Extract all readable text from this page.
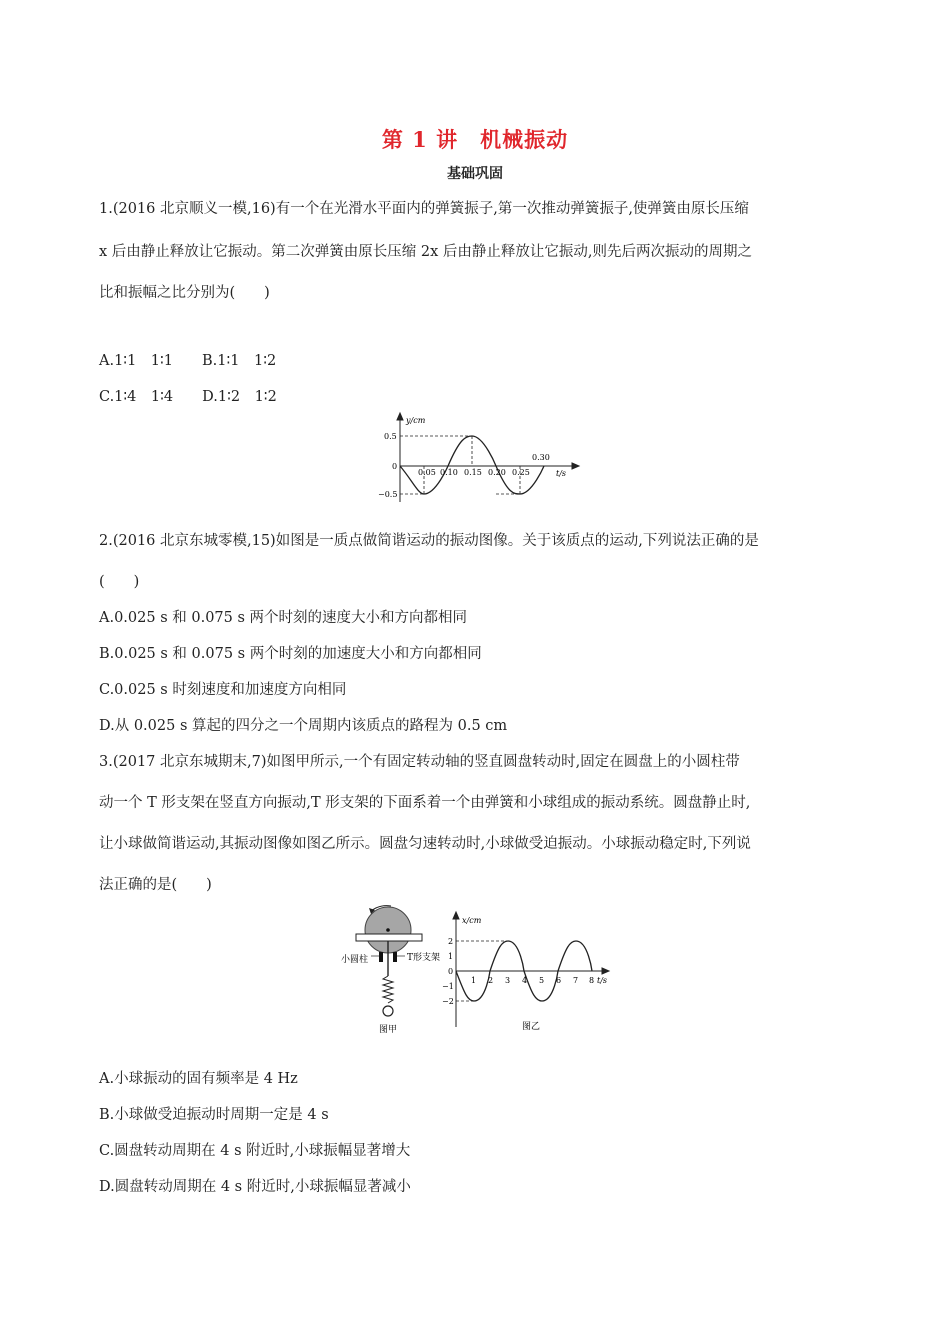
第 1 讲　机械振动
基础巩固
1.(2016 北京顺义一模,16)有一个在光滑水平面内的弹簧振子,第一次推动弹簧振子,使弹簧由原长压缩
x 后由静止释放让它振动。第二次弹簧由原长压缩 2x 后由静止释放让它振动,则先后两次振动的周期之
比和振幅之比分别为(　　)
A.1∶1　1∶1　　B.1∶1　1∶2
C.1∶4　1∶4　　D.1∶2　1∶2
y/cm
t/s
0.5
0
−0.5
0.05 0.10 0.15 0.20 0.25
0.30
2.(2016 北京东城零模,15)如图是一质点做简谐运动的振动图像。关于该质点的运动,下列说法正确的是
(　　)
A.0.025 s 和 0.075 s 两个时刻的速度大小和方向都相同
B.0.025 s 和 0.075 s 两个时刻的加速度大小和方向都相同
C.0.025 s 时刻速度和加速度方向相同
D.从 0.025 s 算起的四分之一个周期内该质点的路程为 0.5 cm
3.(2017 北京东城期末,7)如图甲所示,一个有固定转动轴的竖直圆盘转动时,固定在圆盘上的小圆柱带
动一个 T 形支架在竖直方向振动,T 形支架的下面系着一个由弹簧和小球组成的振动系统。圆盘静止时,
让小球做简谐运动,其振动图像如图乙所示。圆盘匀速转动时,小球做受迫振动。小球振动稳定时,下列说
法正确的是(　　)
小圆柱	T形支架
图甲
x/cm
t/s
2
1
0
−1
−2
1 2 3 4 5 6 7 8
图乙
A.小球振动的固有频率是 4 Hz
B.小球做受迫振动时周期一定是 4 s
C.圆盘转动周期在 4 s 附近时,小球振幅显著增大
D.圆盘转动周期在 4 s 附近时,小球振幅显著减小
